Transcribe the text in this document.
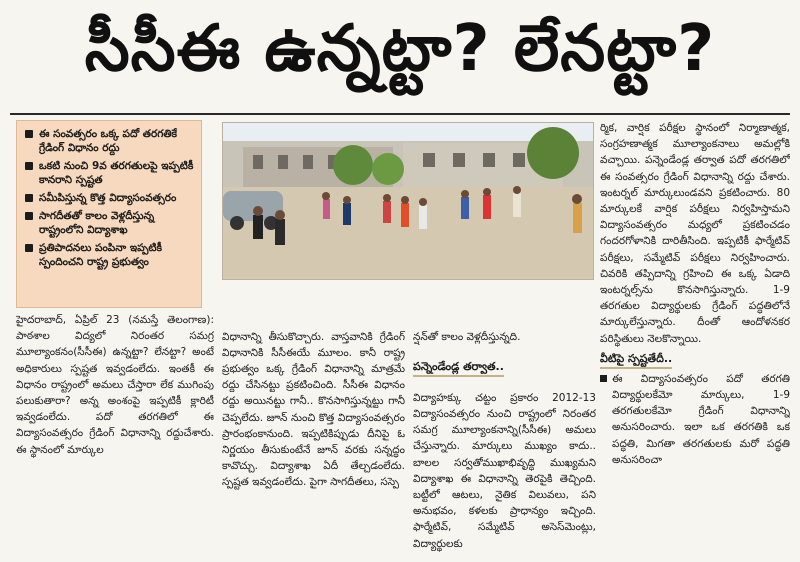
సీసీఈ ఉన్నట్టా? లేనట్టా?
ఈ సంవత్సరం ఒక్క పదో తరగతికే గ్రేడింగ్ విధానం రద్దు
ఒకటి నుంచి 9వ తరగతులపై ఇప్పటికీ కానరాని స్పష్టత
సమీపిస్తున్న కొత్త విద్యాసంవత్సరం
సాగదీతతో కాలం వెళ్లదీస్తున్న రాష్ట్రంలోని విద్యాశాఖ
ప్రతిపాదనలు పంపినా ఇప్పటికీ స్పందించని రాష్ట్ర ప్రభుత్వం

హైదరాబాద్, ఏప్రిల్ 23 (నమస్తే తెలంగాణ): పాఠశాల విద్యలో నిరంతర సమగ్ర మూల్యాంకనం(సీసీఈ) ఉన్నట్టా? లేనట్టా? అంటే అధికారులు స్పష్టత ఇవ్వడంలేదు. ఇంతకీ ఈ విధానం రాష్ట్రంలో అమలు చేస్తారా లేక ముగింపు పలుకుతారా? అన్న అంశంపై ఇప్పటికీ క్లారిటీ ఇవ్వడంలేదు. పదో తరగతిలో ఈ విద్యాసంవత్సరం గ్రేడింగ్ విధానాన్ని రద్దుచేశారు. ఈ స్థానంలో మార్కుల

విధానాన్ని తీసుకొచ్చారు. వాస్తవానికి గ్రేడింగ్ విధానానికి సీసీఈయే మూలం. కానీ రాష్ట్ర ప్రభుత్వం ఒక్క గ్రేడింగ్ విధానాన్ని మాత్రమే రద్దు చేసినట్టు ప్రకటించింది. సీసీఈ విధానం రద్దు అయినట్టు గానీ.. కొనసాగిస్తున్నట్టు గానీ చెప్పలేదు. జూన్ నుంచి కొత్త విద్యాసంవత్సరం ప్రారంభంకానుంది. ఇప్పటికిప్పుడు దీనిపై ఓ నిర్ణయం తీసుకుంటేనే జూన్ వరకు సన్నద్ధం కావొచ్చు. విద్యాశాఖ ఏదీ తేల్చడంలేదు. స్పష్టత ఇవ్వడంలేదు. పైగా సాగదీతలు, సస్పె

న్షన్‌తో కాలం వెళ్లదీస్తున్నది.

పన్నెండేండ్ల తర్వాత..

విద్యాహక్కు చట్టం ప్రకారం 2012-13 విద్యాసంవత్సరం నుంచి రాష్ట్రంలో నిరంతర సమగ్ర మూల్యాంకనాన్ని(సీసీఈ) అమలు చేస్తున్నారు. మార్కులు ముఖ్యం కాదు.. బాలల సర్వతోముఖాభివృద్ధి ముఖ్యమని విద్యాశాఖ ఈ విధానాన్ని తెరపైకి తెచ్చింది. బట్టీలో ఆటలు, నైతిక విలువలు, పని అనుభవం, కళలకు ప్రాధాన్యం ఇచ్చింది. ఫార్మేటివ్, సమ్మేటివ్ అసెస్‌మెంట్లు, విద్యార్థులకు

ర్మిక, వార్షిక పరీక్షల స్థానంలో నిర్మాణాత్మక, సంగ్రహణాత్మక మూల్యాంకనాలు అమల్లోకి వచ్చాయి. పన్నెండేండ్ల తర్వాత పదో తరగతిలో ఈ సంవత్సరం గ్రేడింగ్ విధానాన్ని రద్దు చేశారు. ఇంటర్నల్ మార్కులుండవని ప్రకటించారు. 80 మార్కులకే వార్షిక పరీక్షలు నిర్వహిస్తామని విద్యాసంవత్సరం మధ్యలో ప్రకటించడం గందరగోళానికి దారితీసింది. ఇప్పటికీ ఫార్మేటివ్ పరీక్షలు, సమ్మేటివ్ పరీక్షలు నిర్వహించారు. చివరికి తప్పిదాన్ని గ్రహించి ఈ ఒక్క ఏడాది ఇంటర్నల్స్‌ను కొనసాగిస్తున్నారు. 1-9 తరగతుల విద్యార్థులకు గ్రేడింగ్ పద్ధతిలోనే మార్కులేస్తున్నారు. దీంతో ఆందోళనకర పరిస్థితులు నెలకొన్నాయి.

వీటిపై స్పష్టతేదీ..

ఈ విద్యాసంవత్సరం పదో తరగతి విద్యార్థులకేమో మార్కులు, 1-9 తరగతులకేమో గ్రేడింగ్ విధానాన్ని అనుసరించారు. ఇలా ఒక తరగతికి ఒక పద్ధతి, మిగతా తరగతులకు మరో పద్ధతి అనుసరించా
